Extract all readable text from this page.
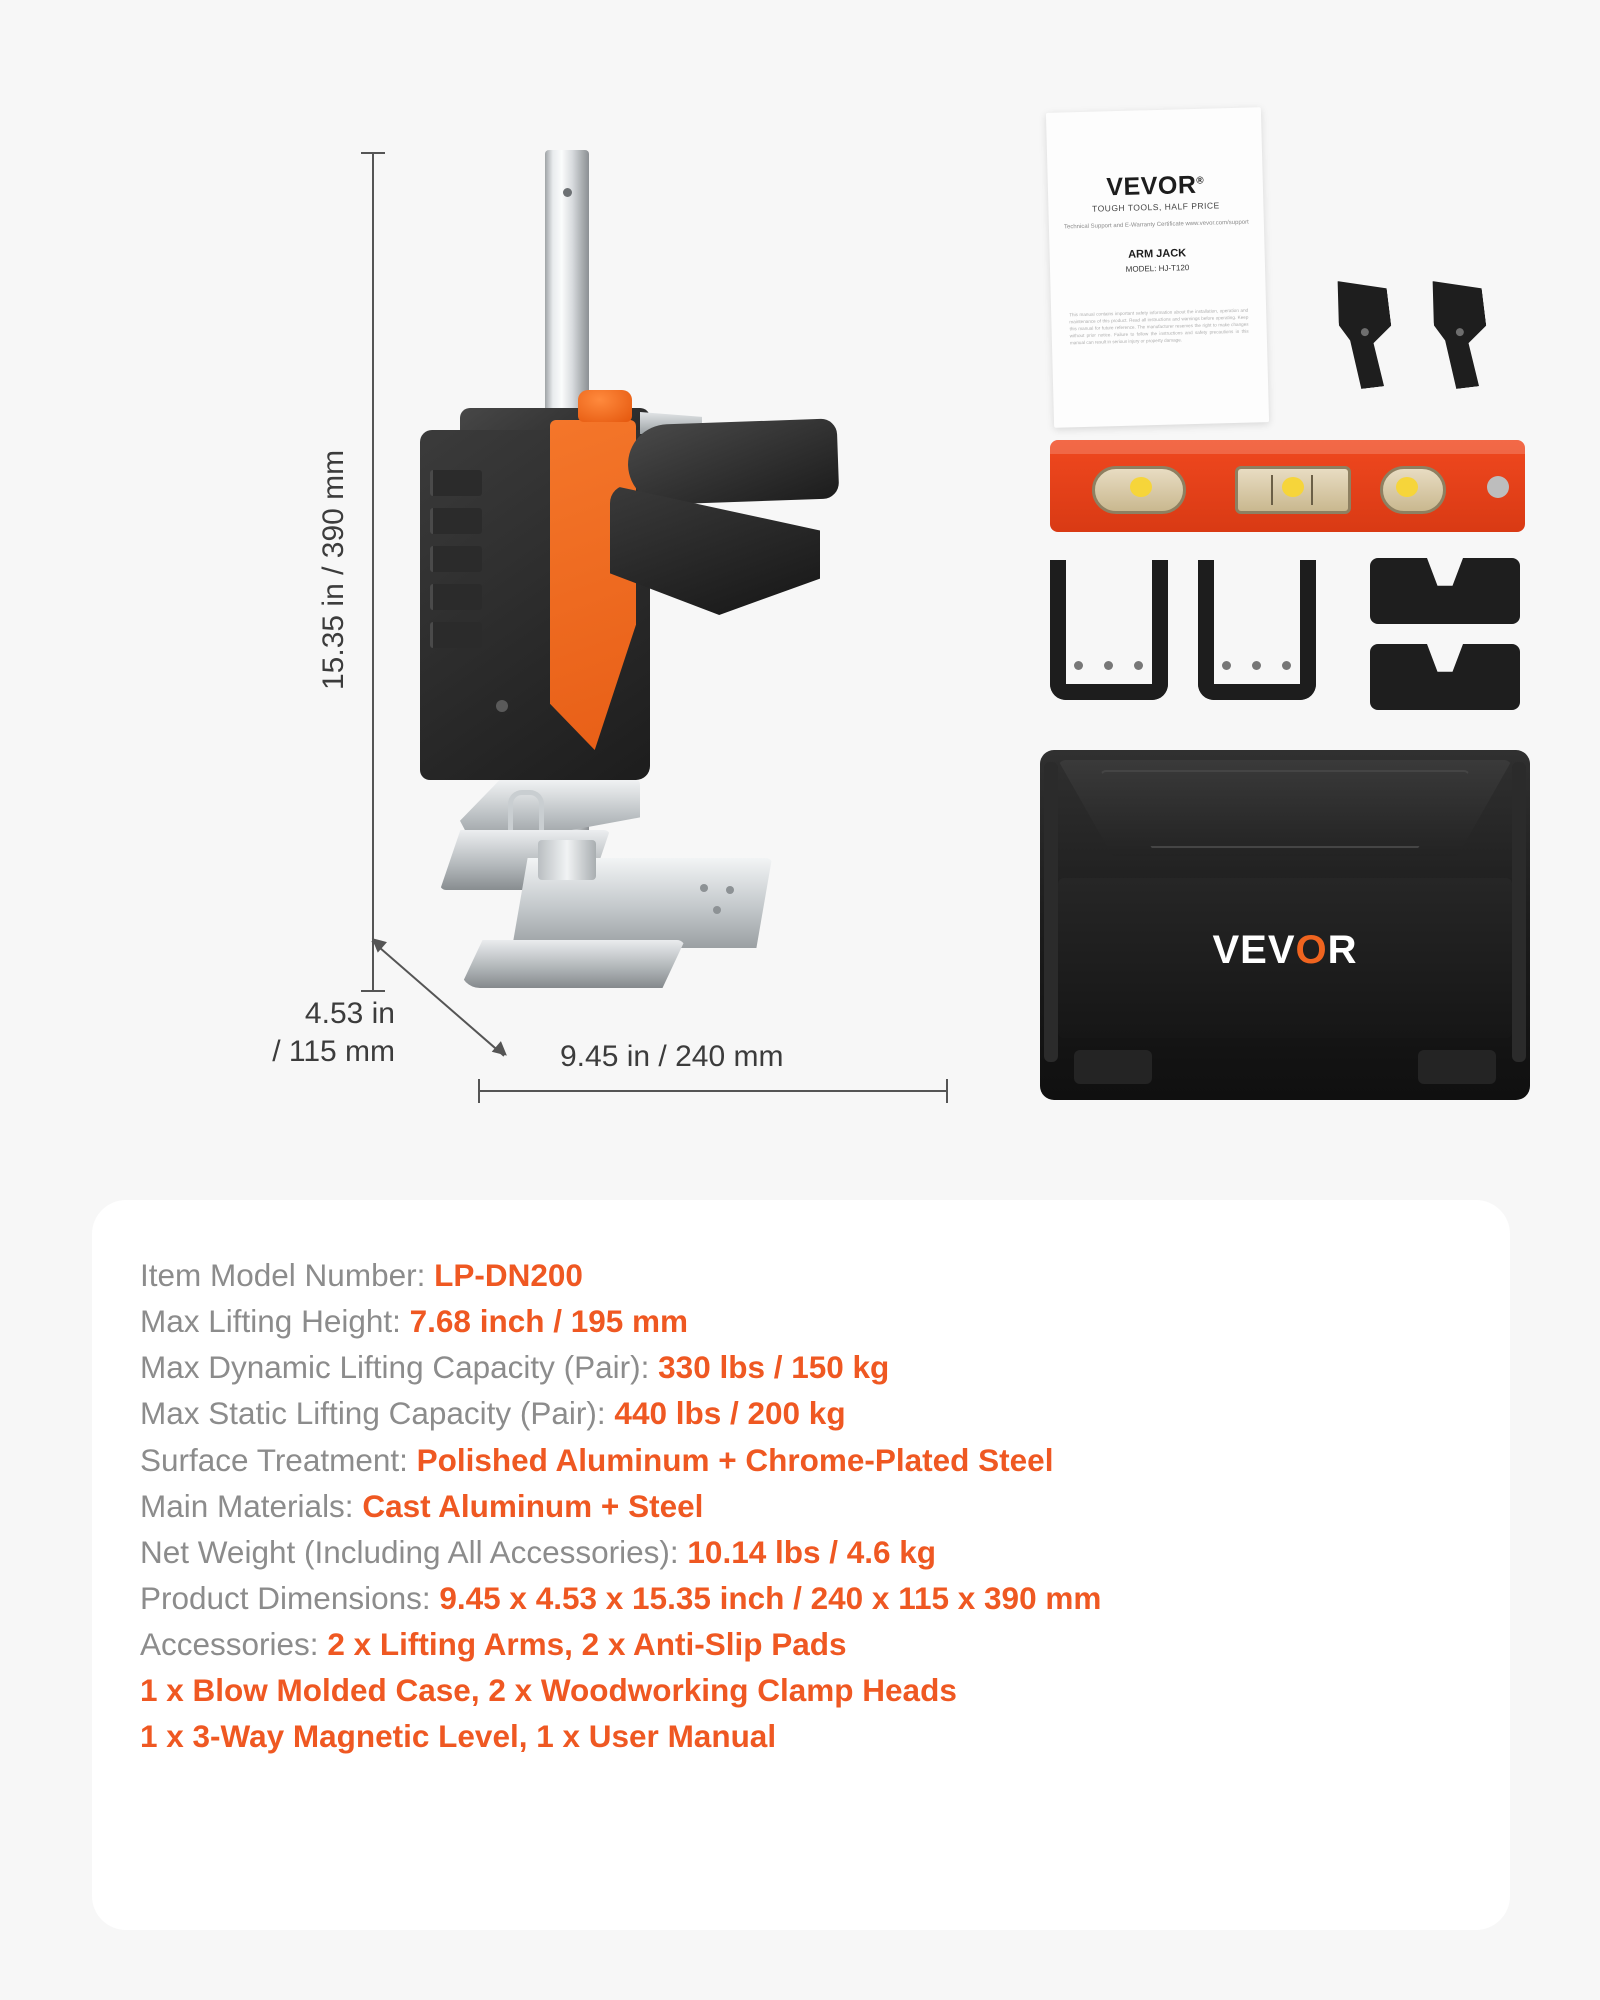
15.35 in / 390 mm
4.53 in
/ 115 mm	9.45 in / 240 mm
VEVOR®
TOUGH TOOLS, HALF PRICE
Technical Support and E-Warranty Certificate www.vevor.com/support
ARM JACK
MODEL: HJ-T120
This manual contains important safety information about the installation, operation and maintenance of this product. Read all instructions and warnings before operating. Keep this manual for future reference. The manufacturer reserves the right to make changes without prior notice. Failure to follow the instructions and safety precautions in this manual can result in serious injury or property damage.
VEVOR
Item Model Number: LP-DN200
Max Lifting Height: 7.68 inch / 195 mm
Max Dynamic Lifting Capacity (Pair): 330 lbs / 150 kg
Max Static Lifting Capacity (Pair): 440 lbs / 200 kg
Surface Treatment: Polished Aluminum + Chrome-Plated Steel
Main Materials: Cast Aluminum + Steel
Net Weight (Including All Accessories): 10.14 lbs / 4.6 kg
Product Dimensions: 9.45 x 4.53 x 15.35 inch / 240 x 115 x 390 mm
Accessories: 2 x Lifting Arms, 2 x Anti-Slip Pads
1 x Blow Molded Case, 2 x Woodworking Clamp Heads
1 x 3-Way Magnetic Level, 1 x User Manual
